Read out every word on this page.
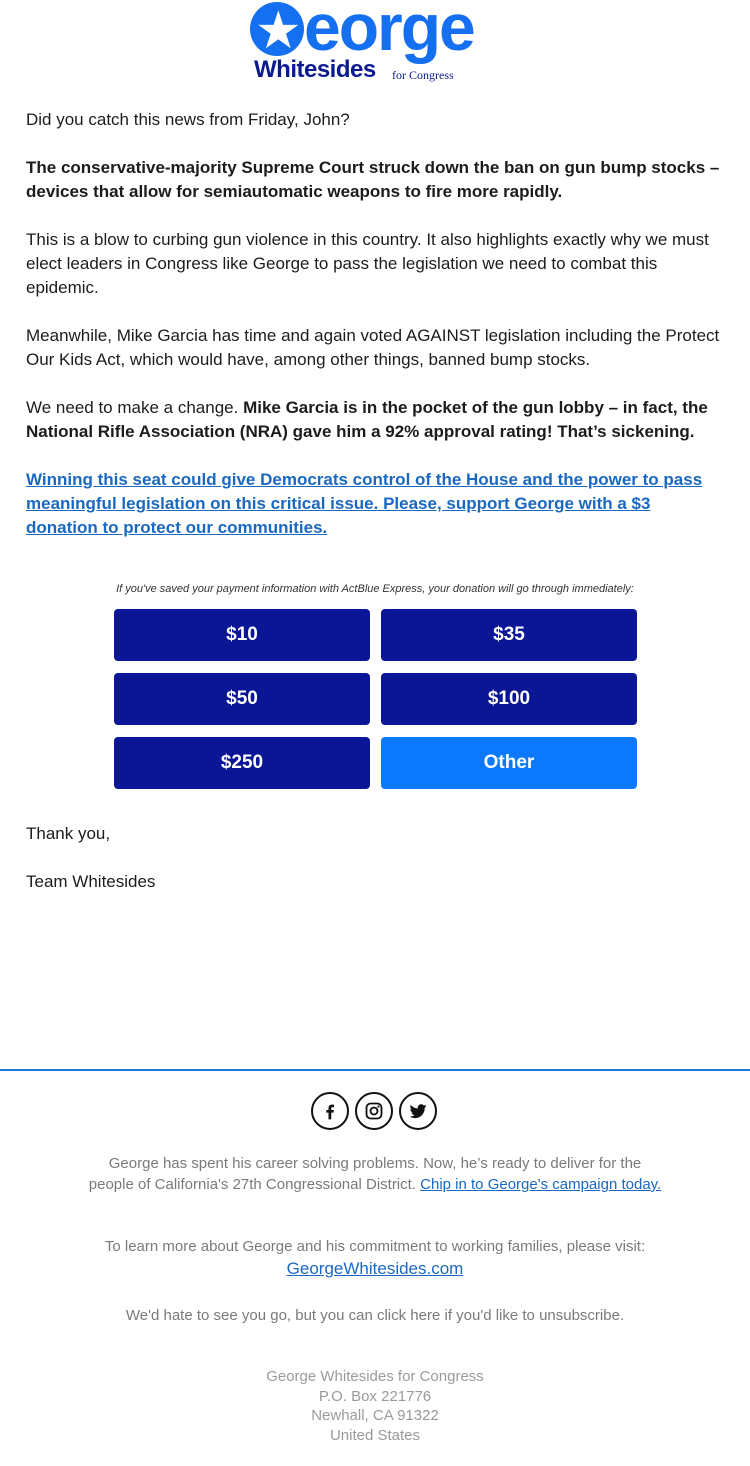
★ eorge
Whitesides for Congress

Did you catch this news from Friday, John?

The conservative-majority Supreme Court struck down the ban on gun bump stocks – devices that allow for semiautomatic weapons to fire more rapidly.

This is a blow to curbing gun violence in this country. It also highlights exactly why we must elect leaders in Congress like George to pass the legislation we need to combat this epidemic.

Meanwhile, Mike Garcia has time and again voted AGAINST legislation including the Protect Our Kids Act, which would have, among other things, banned bump stocks.

We need to make a change. Mike Garcia is in the pocket of the gun lobby – in fact, the National Rifle Association (NRA) gave him a 92% approval rating! That’s sickening.

Winning this seat could give Democrats control of the House and the power to pass meaningful legislation on this critical issue. Please, support George with a $3 donation to protect our communities.

If you've saved your payment information with ActBlue Express, your donation will go through immediately:
$10	$35
$50	$100
$250	Other
Thank you,
Team Whitesides
George has spent his career solving problems. Now, he’s ready to deliver for the people of California's 27th Congressional District. Chip in to George's campaign today.
To learn more about George and his commitment to working families, please visit:
GeorgeWhitesides.com
We'd hate to see you go, but you can click here if you'd like to unsubscribe.
George Whitesides for Congress
P.O. Box 221776
Newhall, CA 91322
United States
